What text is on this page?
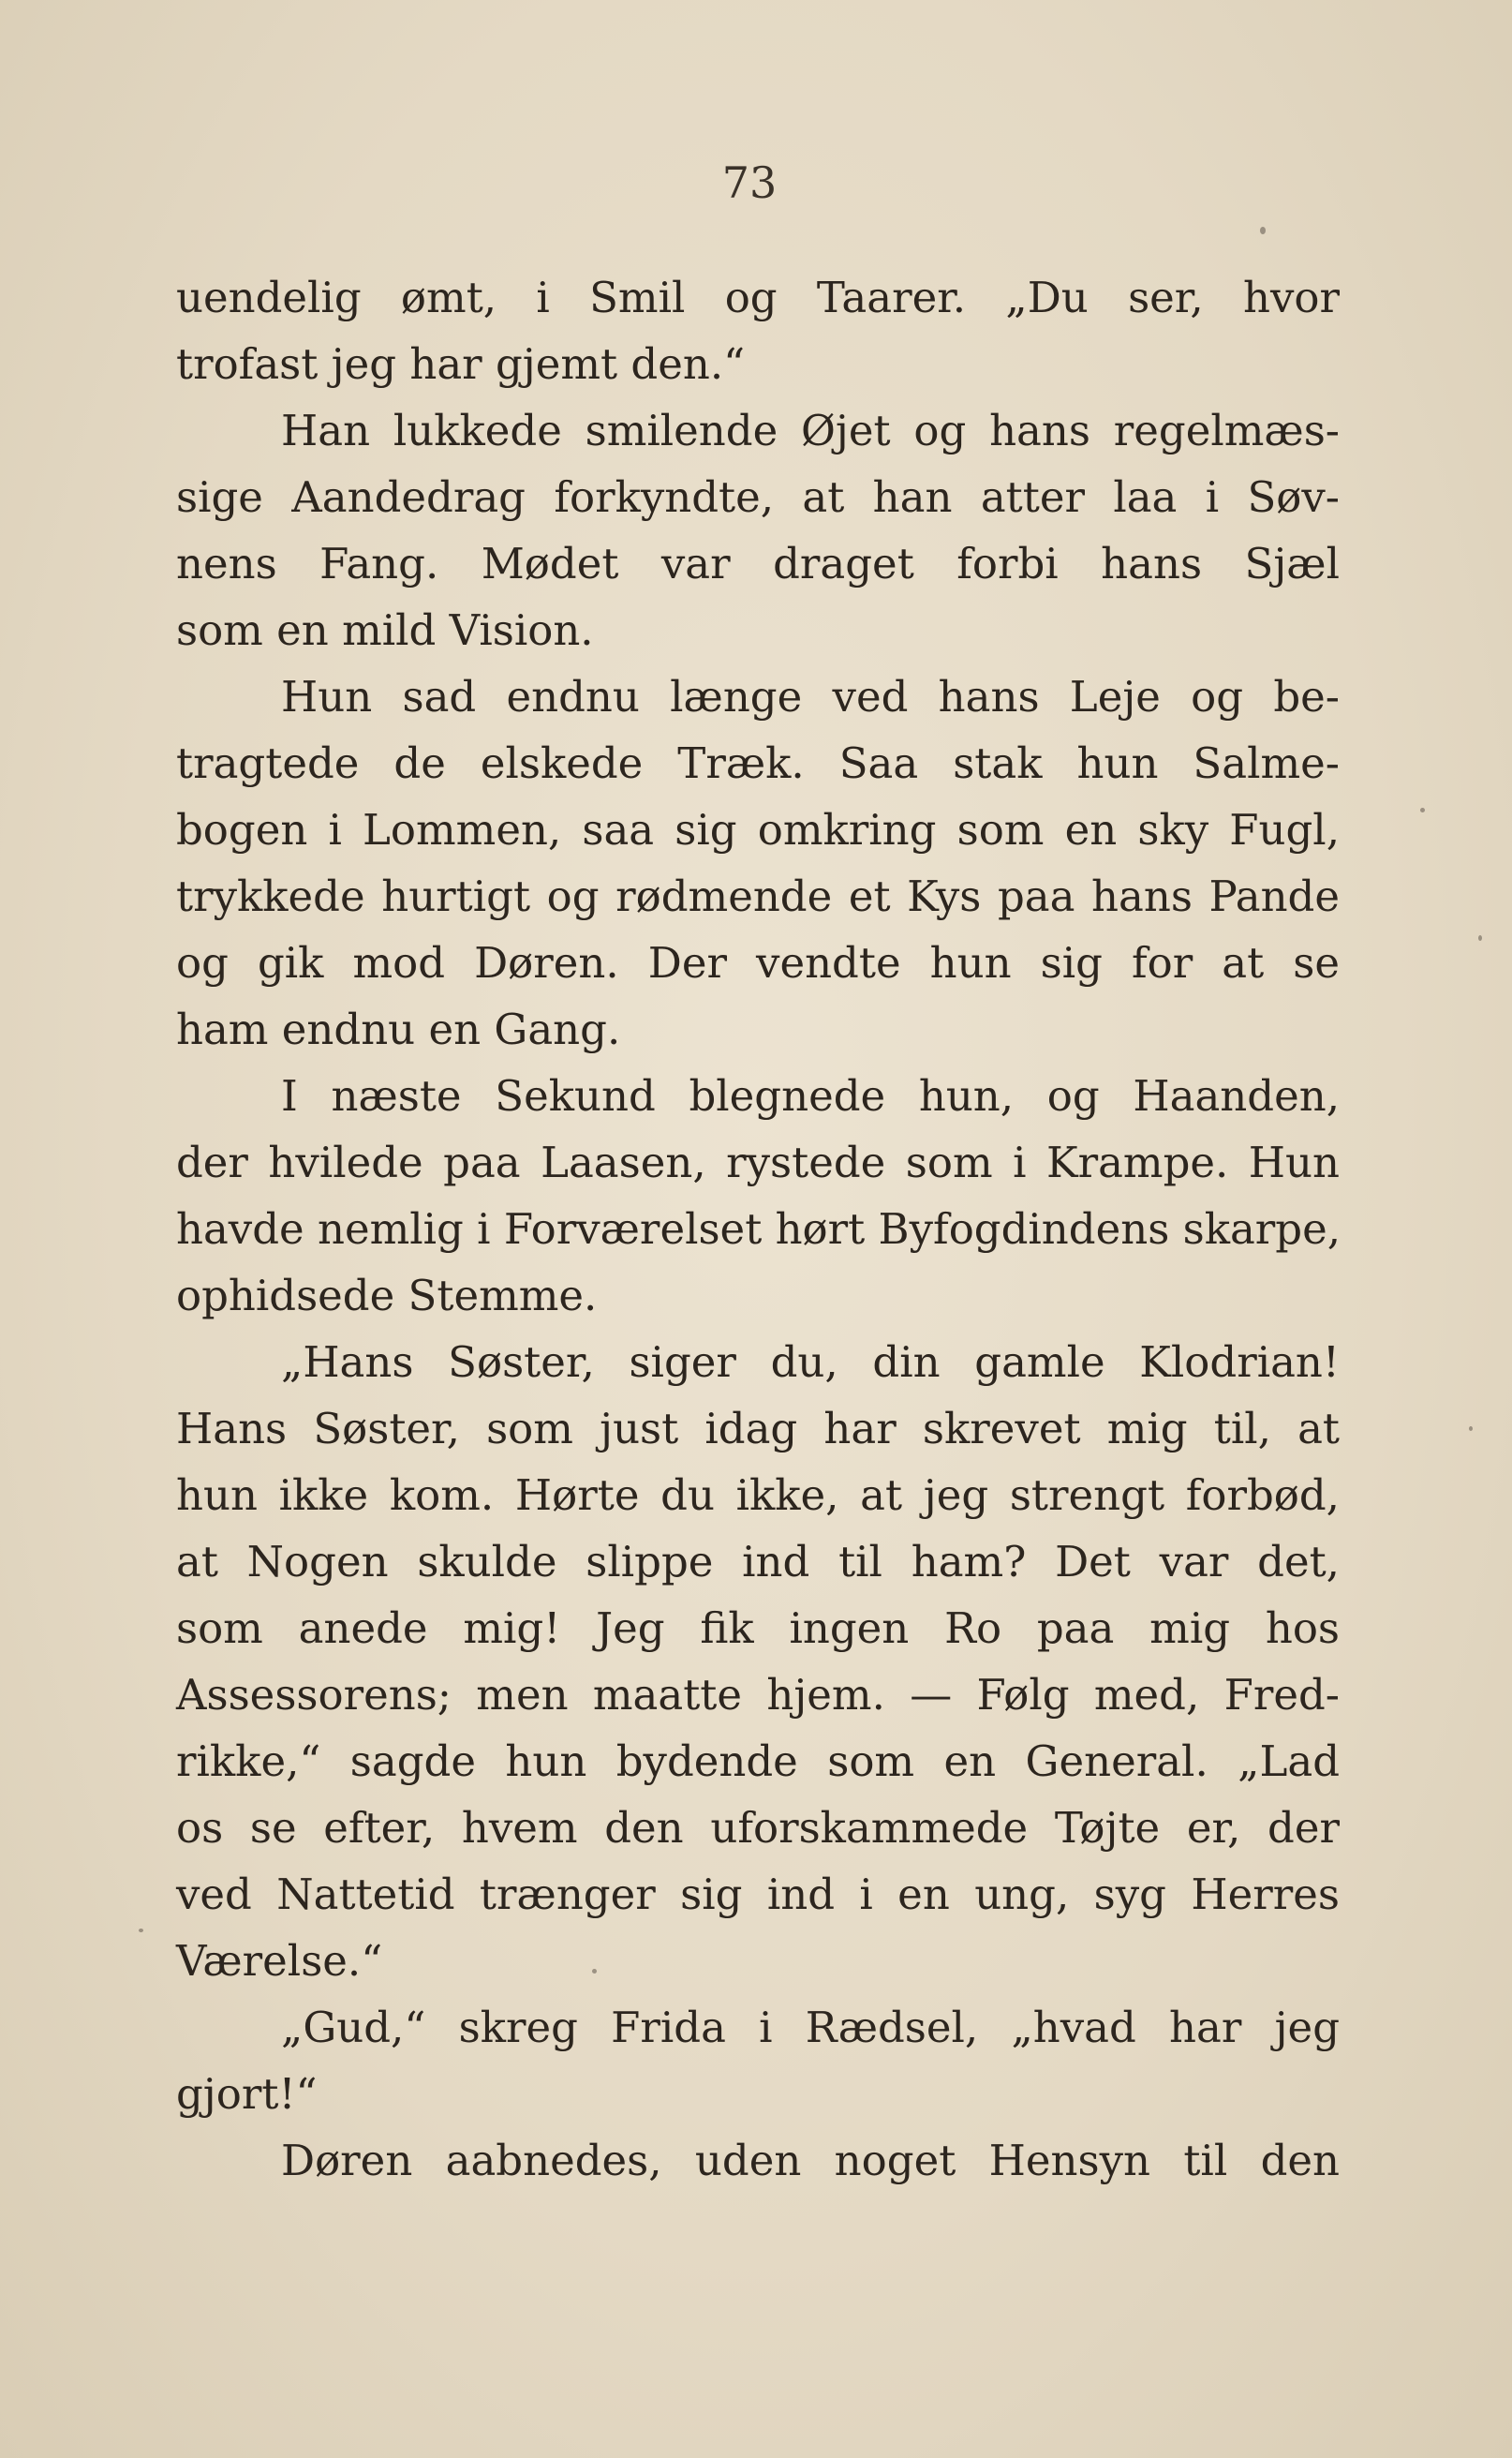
73
uendelig ømt, i Smil og Taarer. „Du ser, hvor
trofast jeg har gjemt den.“
Han lukkede smilende Øjet og hans regelmæs-
sige Aandedrag forkyndte, at han atter laa i Søv-
nens Fang. Mødet var draget forbi hans Sjæl
som en mild Vision.
Hun sad endnu længe ved hans Leje og be-
tragtede de elskede Træk. Saa stak hun Salme-
bogen i Lommen, saa sig omkring som en sky Fugl,
trykkede hurtigt og rødmende et Kys paa hans Pande
og gik mod Døren. Der vendte hun sig for at se
ham endnu en Gang.
I næste Sekund blegnede hun, og Haanden,
der hvilede paa Laasen, rystede som i Krampe. Hun
havde nemlig i Forværelset hørt Byfogdindens skarpe,
ophidsede Stemme.
„Hans Søster, siger du, din gamle Klodrian!
Hans Søster, som just idag har skrevet mig til, at
hun ikke kom. Hørte du ikke, at jeg strengt forbød,
at Nogen skulde slippe ind til ham? Det var det,
som anede mig! Jeg fik ingen Ro paa mig hos
Assessorens; men maatte hjem. — Følg med, Fred-
rikke,“ sagde hun bydende som en General. „Lad
os se efter, hvem den uforskammede Tøjte er, der
ved Nattetid trænger sig ind i en ung, syg Herres
Værelse.“
„Gud,“ skreg Frida i Rædsel, „hvad har jeg
gjort!“
Døren aabnedes, uden noget Hensyn til den
